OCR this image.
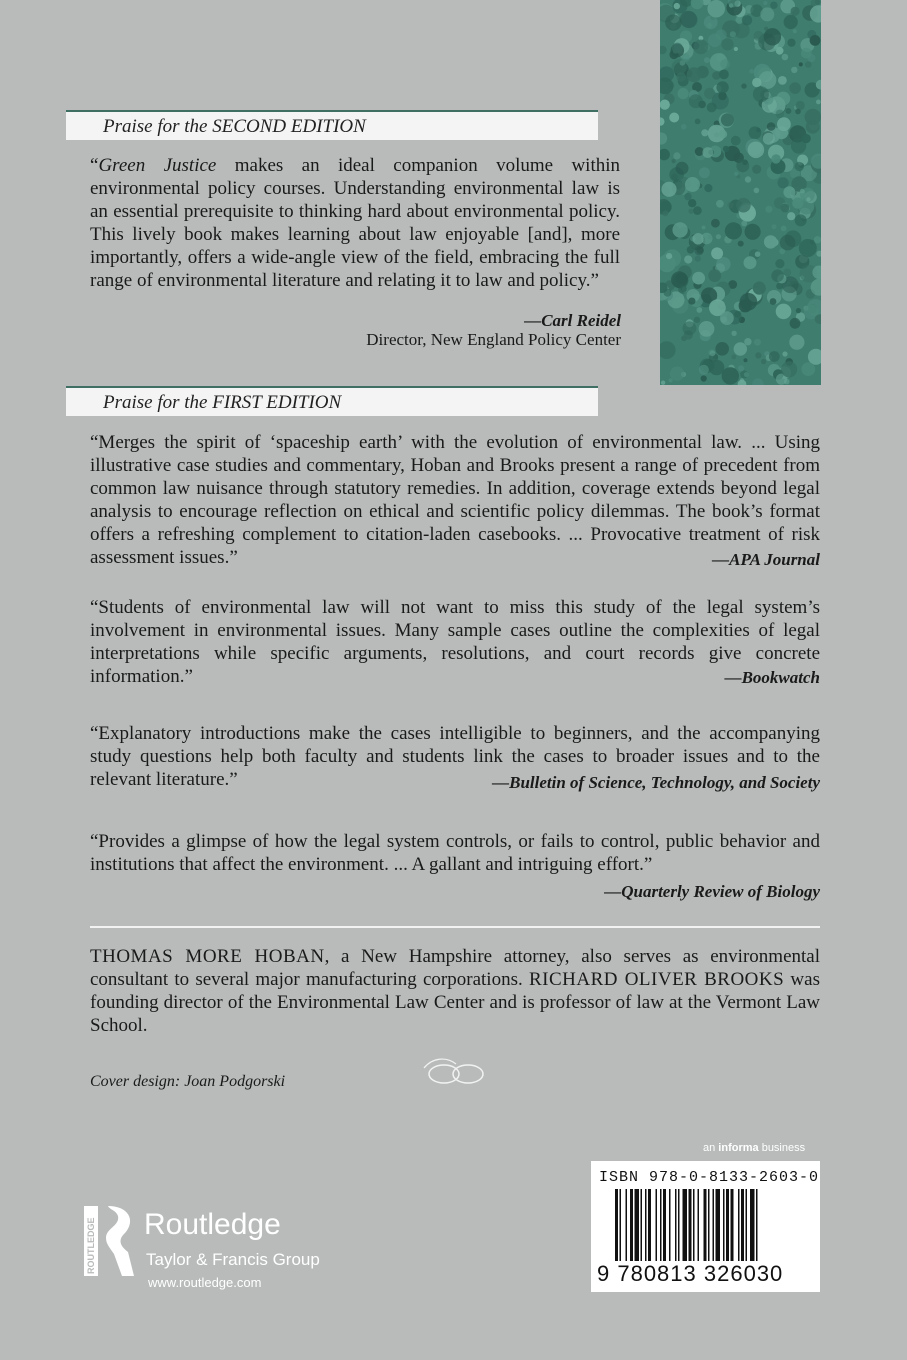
Praise for the SECOND EDITION

“Green Justice makes an ideal companion volume within environmental policy courses. Understanding environmental law is an essential prerequisite to thinking hard about environmental policy. This lively book makes learning about law enjoyable [and], more importantly, offers a wide-angle view of the field, embracing the full range of environmental literature and relating it to law and policy.”

—Carl Reidel
Director, New England Policy Center
Praise for the FIRST EDITION

“Merges the spirit of ‘spaceship earth’ with the evolution of environmental law. ... Using illustrative case studies and commentary, Hoban and Brooks present a range of precedent from common law nuisance through statutory remedies. In addition, coverage extends beyond legal analysis to encourage reflection on ethical and scientific policy dilemmas. The book’s format offers a refreshing complement to citation-laden casebooks. ... Provocative treatment of risk assessment issues.”	—APA Journal

“Students of environmental law will not want to miss this study of the legal system’s involvement in environmental issues. Many sample cases outline the complexities of legal interpretations while specific arguments, resolutions, and court records give concrete information.”	—Bookwatch

“Explanatory introductions make the cases intelligible to beginners, and the accompanying study questions help both faculty and students link the cases to broader issues and to the relevant literature.”	—Bulletin of Science, Technology, and Society

“Provides a glimpse of how the legal system controls, or fails to control, public behavior and institutions that affect the environment. ... A gallant and intriguing effort.”

—Quarterly Review of Biology

THOMAS MORE HOBAN, a New Hampshire attorney, also serves as environmental consultant to several major manufacturing corporations. RICHARD OLIVER BROOKS was founding director of the Environmental Law Center and is professor of law at the Vermont Law School.

Cover design: Joan Podgorski
an informa business
ISBN 978-0-8133-2603-0
9 780813 326030
ROUTLEDGE Routledge
Taylor & Francis Group
www.routledge.com
